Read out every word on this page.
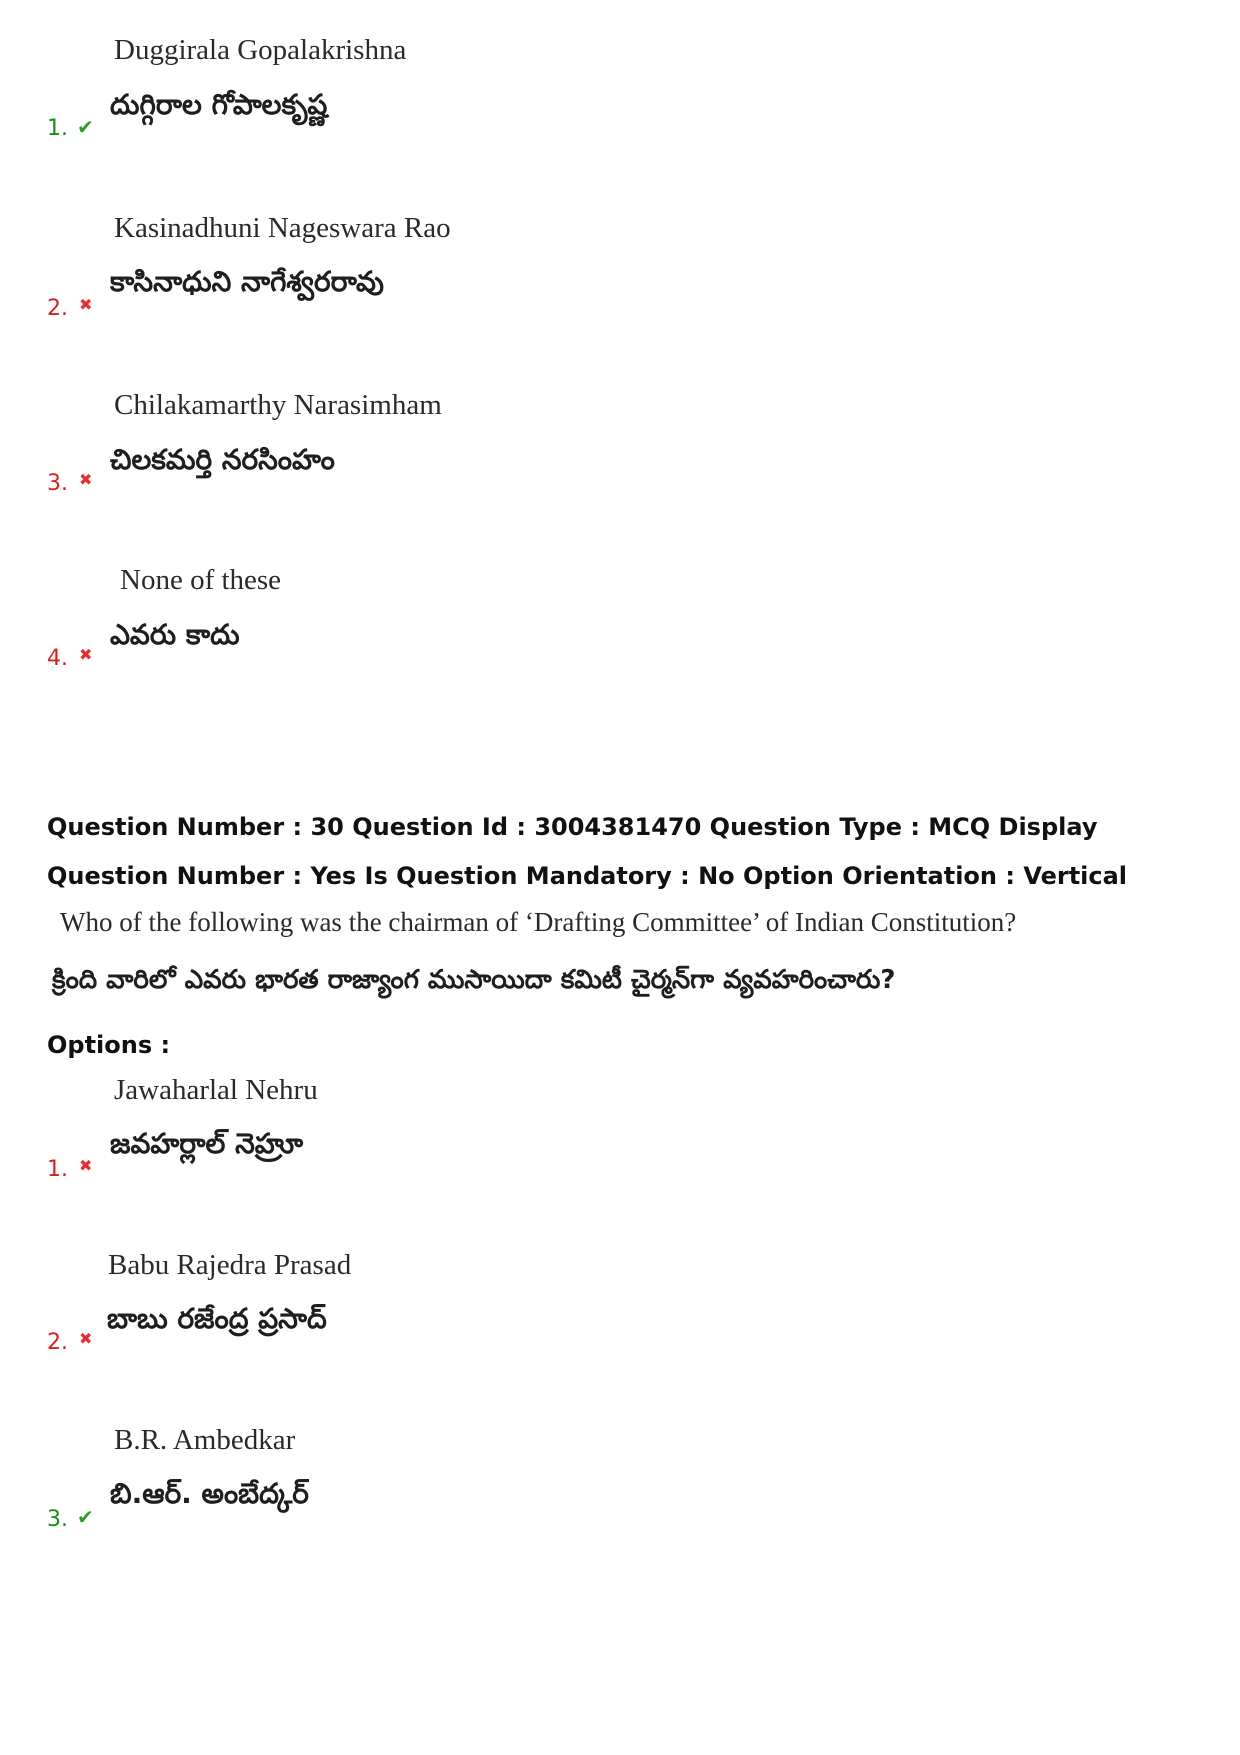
Duggirala Gopalakrishna
దుగ్గిరాల గోపాలకృష్ణ
1. ✔
Kasinadhuni Nageswara Rao
కాసినాధుని నాగేశ్వరరావు
2. ✖
Chilakamarthy Narasimham
చిలకమర్తి నరసింహం
3. ✖
None of these
ఎవరు కాదు
4. ✖
Question Number : 30 Question Id : 3004381470 Question Type : MCQ Display Question Number : Yes Is Question Mandatory : No Option Orientation : Vertical
Who of the following was the chairman of ‘Drafting Committee’ of Indian Constitution?
క్రింది వారిలో ఎవరు భారత రాజ్యాంగ ముసాయిదా కమిటీ చైర్మన్‌గా వ్యవహరించారు?
Options :
Jawaharlal Nehru
జవహర్లాల్ నెహ్రూ
1. ✖
Babu Rajedra Prasad
బాబు రజేంద్ర ప్రసాద్
2. ✖
B.R. Ambedkar
బి.ఆర్. అంబేద్కర్
3. ✔
